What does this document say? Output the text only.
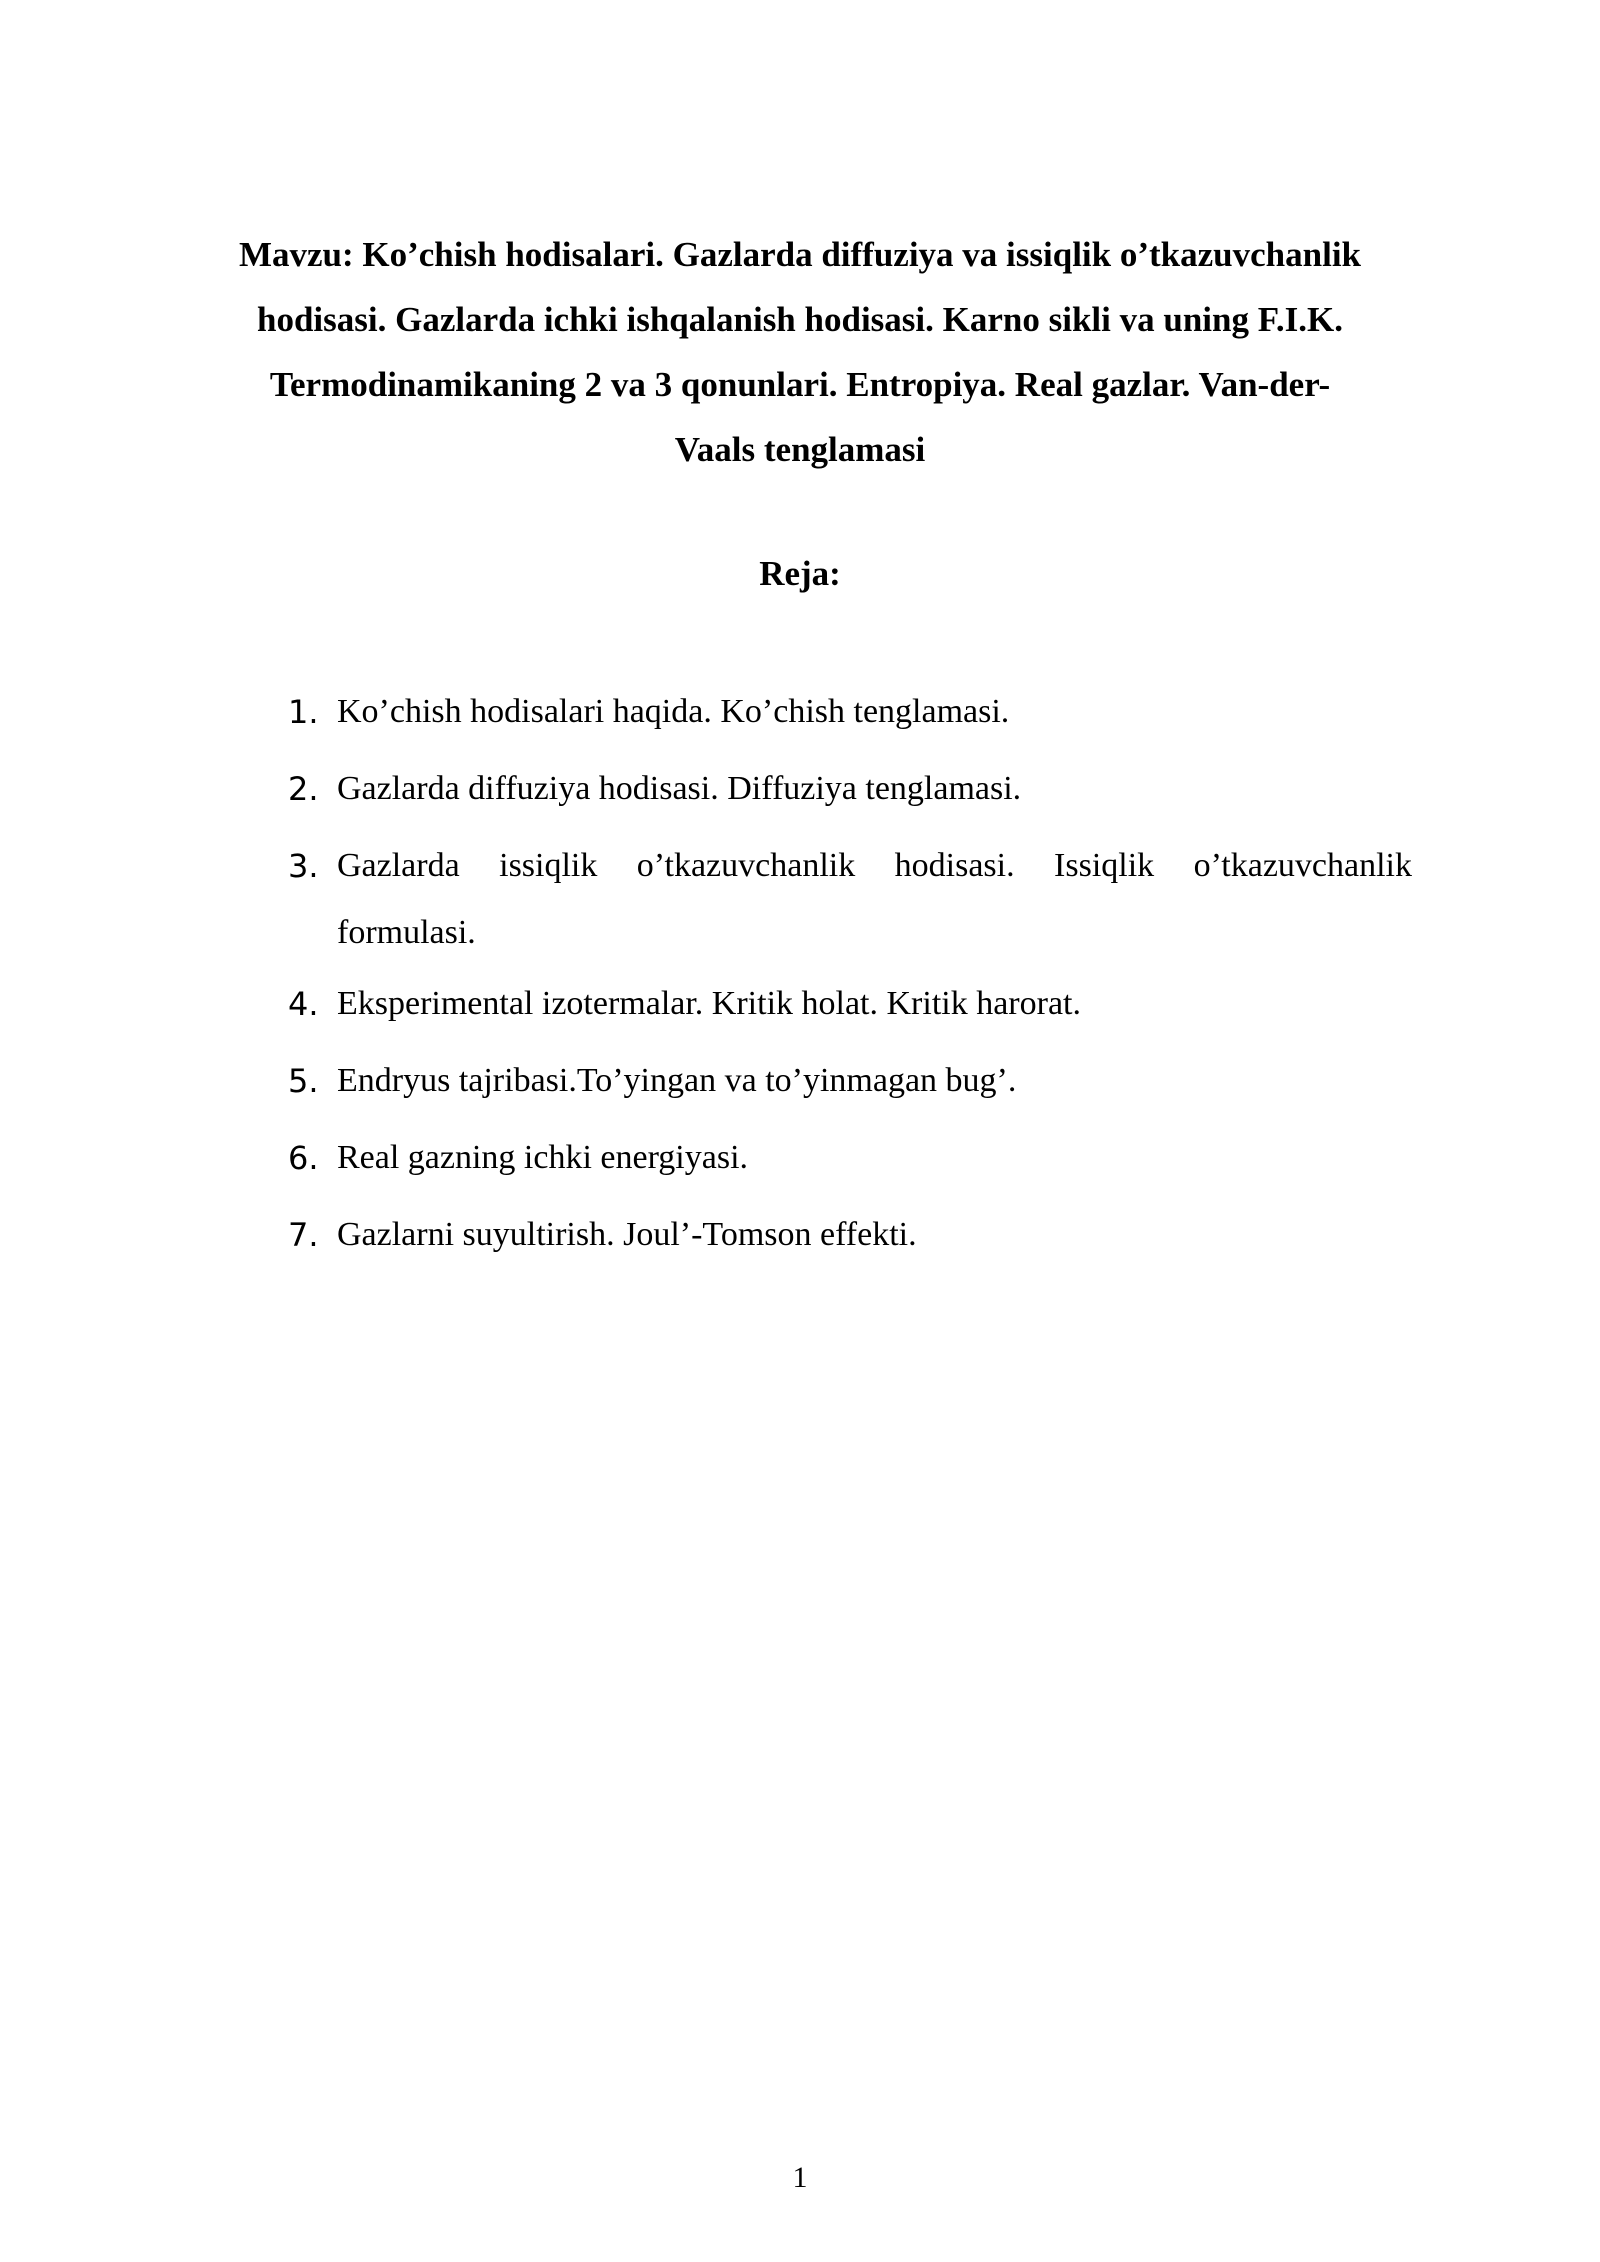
Mavzu: Ko’chish hodisalari. Gazlarda diffuziya va issiqlik o’tkazuvchanlik
hodisasi. Gazlarda ichki ishqalanish hodisasi. Karno sikli va uning F.I.K.
Termodinamikaning 2 va 3 qonunlari. Entropiya. Real gazlar. Van-der-
Vaals tenglamasi
Reja:
1. Ko’chish hodisalari haqida. Ko’chish tenglamasi.
2. Gazlarda diffuziya hodisasi. Diffuziya tenglamasi.
3. Gazlarda issiqlik o’tkazuvchanlik hodisasi. Issiqlik o’tkazuvchanlik
formulasi.
4. Eksperimental izotermalar. Kritik holat. Kritik harorat.
5. Endryus tajribasi.To’yingan va to’yinmagan bug’.
6. Real gazning ichki energiyasi.
7. Gazlarni suyultirish. Joul’-Tomson effekti.
1
